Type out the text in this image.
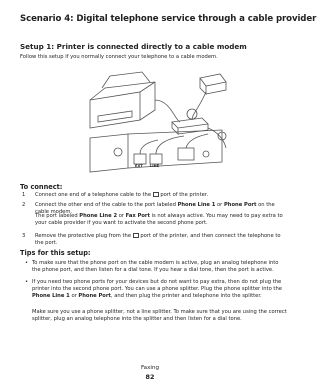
Scenario 4: Digital telephone service through a cable provider
Setup 1: Printer is connected directly to a cable modem
Follow this setup if you normally connect your telephone to a cable modem.
EXT LINE
To connect:
1 Connect one end of a telephone cable to the  port of the printer.
2 Connect the other end of the cable to the port labeled Phone Line 1 or Phone Port on the cable modem.
The port labeled Phone Line 2 or Fax Port is not always active. You may need to pay extra to your cable provider if you want to activate the second phone port.
3 Remove the protective plug from the  port of the printer, and then connect the telephone to the port.
Tips for this setup:
• To make sure that the phone port on the cable modem is active, plug an analog telephone into the phone port, and then listen for a dial tone. If you hear a dial tone, then the port is active.
• If you need two phone ports for your devices but do not want to pay extra, then do not plug the printer into the second phone port. You can use a phone splitter. Plug the phone splitter into the Phone Line 1 or Phone Port, and then plug the printer and telephone into the splitter.
Make sure you use a phone splitter, not a line splitter. To make sure that you are using the correct splitter, plug an analog telephone into the splitter and then listen for a dial tone.
Faxing
82
